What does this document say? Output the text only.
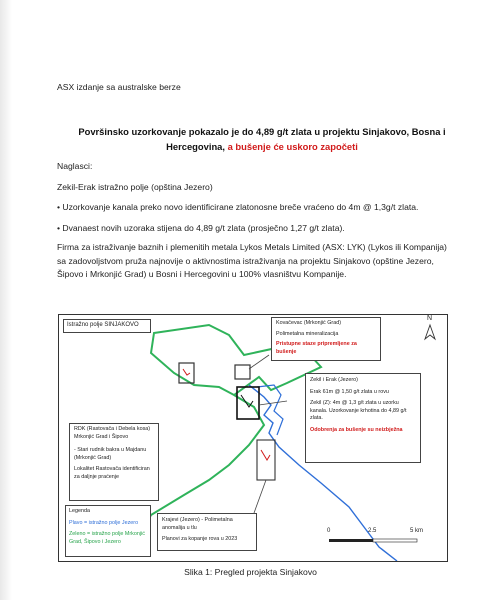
ASX izdanje sa australske berze
Površinsko uzorkovanje pokazalo je do 4,89 g/t zlata u projektu Sinjakovo, Bosna i Hercegovina, a bušenje će uskoro započeti
Naglasci:
Zekil-Erak istražno polje (opština Jezero)
• Uzorkovanje kanala preko novo identificirane zlatonosne breče vraćeno do 4m @ 1,3g/t zlata.
• Dvanaest novih uzoraka stijena do 4,89 g/t zlata (prosječno 1,27 g/t zlata).
Firma za istraživanje baznih i plemenitih metala Lykos Metals Limited (ASX: LYK) (Lykos ili Kompanija) sa zadovoljstvom pruža najnovije o aktivnostima istraživanja na projektu Sinjakovo (opštine Jezero, Šipovo i Mrkonjić Grad) u Bosni i Hercegovini u 100% vlasništvu Kompanije.
0	2.5	5 km
N
Istražno polje SINJAKOVO	Kovačevac (Mrkonjić Grad)
Polimetalna mineralizacija
Pristupne staze pripremljene za bušenje
Zekil i Erak (Jezero)
Erak 61m @ 1,50 g/t zlata u rovu
Zekil (Z): 4m @ 1,3 g/t zlata u uzorku kanala. Uzorkovanje krhotina do 4,89 g/t zlata.
Odobrenja za bušenje su neizbježna
RDK (Rastovača i Debela kosa) Mrkonjić Grad i Šipovo
- Stari rudnik bakra u Majdanu (Mrkonjić Grad)
Lokalitet Rastovača identificiran za daljnje praćenje
Legenda
Plavo = istražno polje Jezero
Zeleno = istražno polje Mrkonjić Grad, Šipovo i Jezero
Krajevi (Jezero) - Polimetalna anomalija u tlu
Planovi za kopanje rova u 2023
Slika 1: Pregled projekta Sinjakovo
